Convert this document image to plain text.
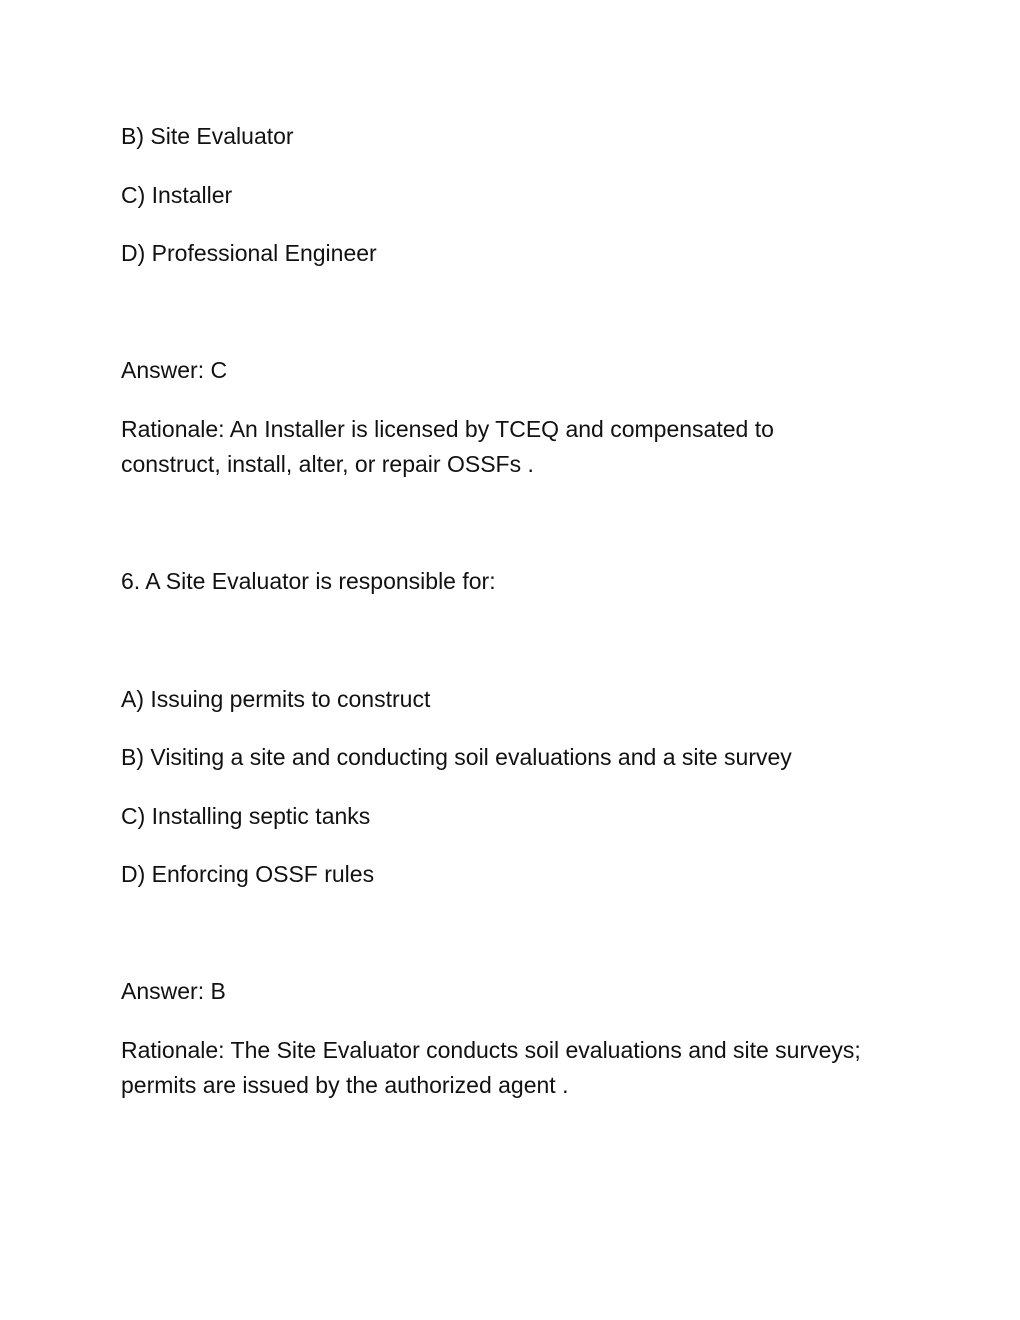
B) Site Evaluator
C) Installer
D) Professional Engineer
Answer: C
Rationale: An Installer is licensed by TCEQ and compensated to
construct, install, alter, or repair OSSFs .
6. A Site Evaluator is responsible for:
A) Issuing permits to construct
B) Visiting a site and conducting soil evaluations and a site survey
C) Installing septic tanks
D) Enforcing OSSF rules
Answer: B
Rationale: The Site Evaluator conducts soil evaluations and site surveys;
permits are issued by the authorized agent .
